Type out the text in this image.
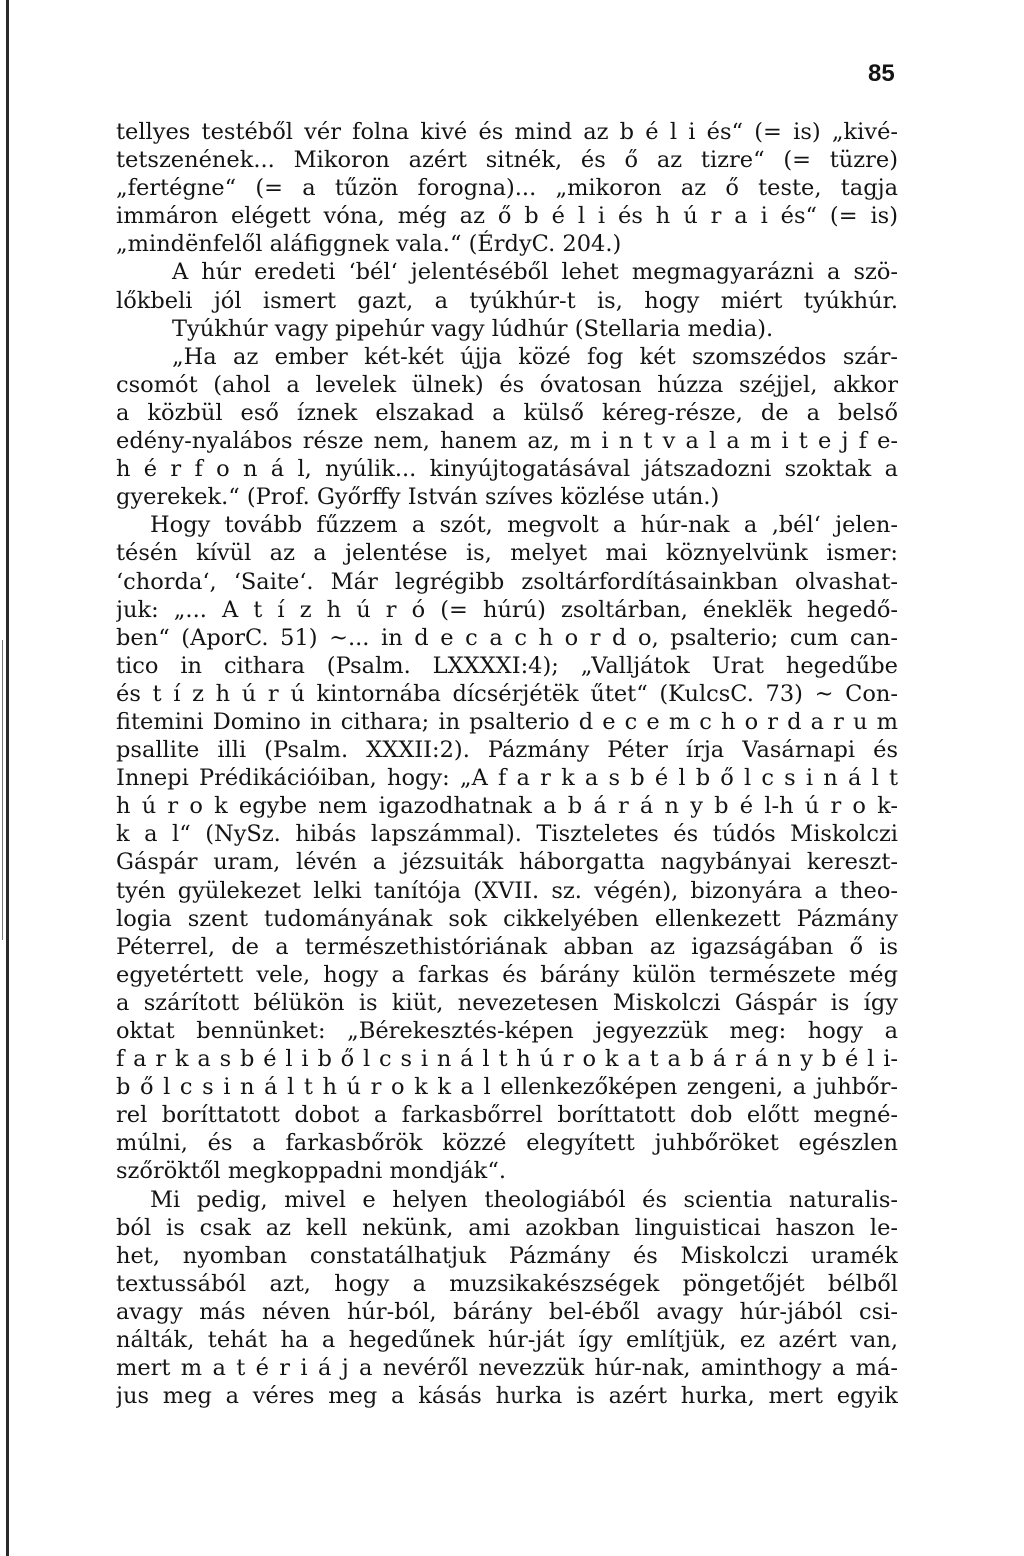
85
tellyes testéből vér folna kivé és mind az b é l i és“ (= is) „kivé-
tetszenének... Mikoron azért sitnék, és ő az tizre“ (= tüzre)
„fertégne“ (= a tűzön forogna)... „mikoron az ő teste, tagja
immáron elégett vóna, még az ő b é l i és h ú r a i és“ (= is)
„mindënfelől aláfiggnek vala.“ (ÉrdyC. 204.)
A húr eredeti ‘bél‘ jelentéséből lehet megmagyarázni a szö-
lőkbeli jól ismert gazt, a tyúkhúr-t is, hogy miért tyúkhúr.
Tyúkhúr vagy pipehúr vagy lúdhúr (Stellaria media).
„Ha az ember két-két újja közé fog két szomszédos szár-
csomót (ahol a levelek ülnek) és óvatosan húzza széjjel, akkor
a közbül eső íznek elszakad a külső kéreg-része, de a belső
edény-nyalábos része nem, hanem az, m i n t v a l a m i t e j f e-
h é r f o n á l, nyúlik... kinyújtogatásával játszadozni szoktak a
gyerekek.“ (Prof. Győrffy István szíves közlése után.)
Hogy tovább fűzzem a szót, megvolt a húr-nak a ‚bél‘ jelen-
tésén kívül az a jelentése is, melyet mai köznyelvünk ismer:
‘chorda‘, ‘Saite‘. Már legrégibb zsoltárfordításainkban olvashat-
juk: „... A t í z h ú r ó (= húrú) zsoltárban, éneklëk hegedő-
ben“ (AporC. 51) ~... in d e c a c h o r d o, psalterio; cum can-
tico in cithara (Psalm. LXXXXI:4); „Valljátok Urat hegedűbe
és t í z h ú r ú kintornába dícsérjétëk űtet“ (KulcsC. 73) ~ Con-
fitemini Domino in cithara; in psalterio d e c e m c h o r d a r u m
psallite illi (Psalm. XXXII:2). Pázmány Péter írja Vasárnapi és
Innepi Prédikációiban, hogy: „A f a r k a s b é l b ő l c s i n á l t
h ú r o k egybe nem igazodhatnak a b á r á n y b é l-h ú r o k-
k a l“ (NySz. hibás lapszámmal). Tiszteletes és túdós Miskolczi
Gáspár uram, lévén a jézsuiták háborgatta nagybányai kereszt-
tyén gyülekezet lelki tanítója (XVII. sz. végén), bizonyára a theo-
logia szent tudományának sok cikkelyében ellenkezett Pázmány
Péterrel, de a természethistóriának abban az igazságában ő is
egyetértett vele, hogy a farkas és bárány külön természete még
a szárított bélükön is kiüt, nevezetesen Miskolczi Gáspár is így
oktat bennünket: „Bérekesztés-képen jegyezzük meg: hogy a
f a r k a s b é l i b ő l c s i n á l t h ú r o k a t a b á r á n y b é l i-
b ő l c s i n á l t h ú r o k k a l ellenkezőképen zengeni, a juhbőr-
rel boríttatott dobot a farkasbőrrel boríttatott dob előtt megné-
múlni, és a farkasbőrök közzé elegyített juhbőröket egészlen
szőröktől megkoppadni mondják“.
Mi pedig, mivel e helyen theologiából és scientia naturalis-
ból is csak az kell nekünk, ami azokban linguisticai haszon le-
het, nyomban constatálhatjuk Pázmány és Miskolczi uramék
textussából azt, hogy a muzsikakészségek pöngetőjét bélből
avagy más néven húr-ból, bárány bel-éből avagy húr-jából csi-
nálták, tehát ha a hegedűnek húr-ját így említjük, ez azért van,
mert m a t é r i á j a nevéről nevezzük húr-nak, aminthogy a má-
jus meg a véres meg a kásás hurka is azért hurka, mert egyik
